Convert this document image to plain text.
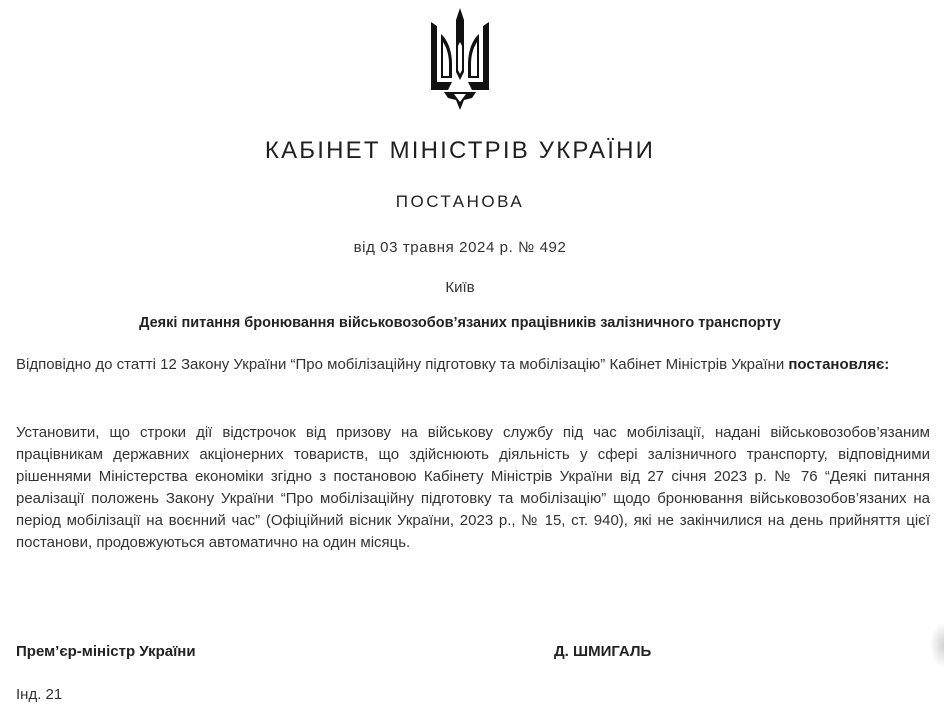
КАБІНЕТ МІНІСТРІВ УКРАЇНИ
ПОСТАНОВА
від 03 травня 2024 р. № 492
Київ
Деякі питання бронювання військовозобов’язаних працівників залізничного транспорту
Відповідно до статті 12 Закону України “Про мобілізаційну підготовку та мобілізацію” Кабінет Міністрів України постановляє:
Установити, що строки дії відстрочок від призову на військову службу під час мобілізації, надані військовозобов’язаним працівникам державних акціонерних товариств, що здійснюють діяльність у сфері залізничного транспорту, відповідними рішеннями Міністерства економіки згідно з постановою Кабінету Міністрів України від 27 січня 2023 р. № 76 “Деякі питання реалізації положень Закону України “Про мобілізаційну підготовку та мобілізацію” щодо бронювання військовозобов’язаних на період мобілізації на воєнний час” (Офіційний вісник України, 2023 р., № 15, ст. 940), які не закінчилися на день прийняття цієї постанови, продовжуються автоматично на один місяць.
Прем’єр-міністр України	Д. ШМИГАЛЬ
Інд. 21
